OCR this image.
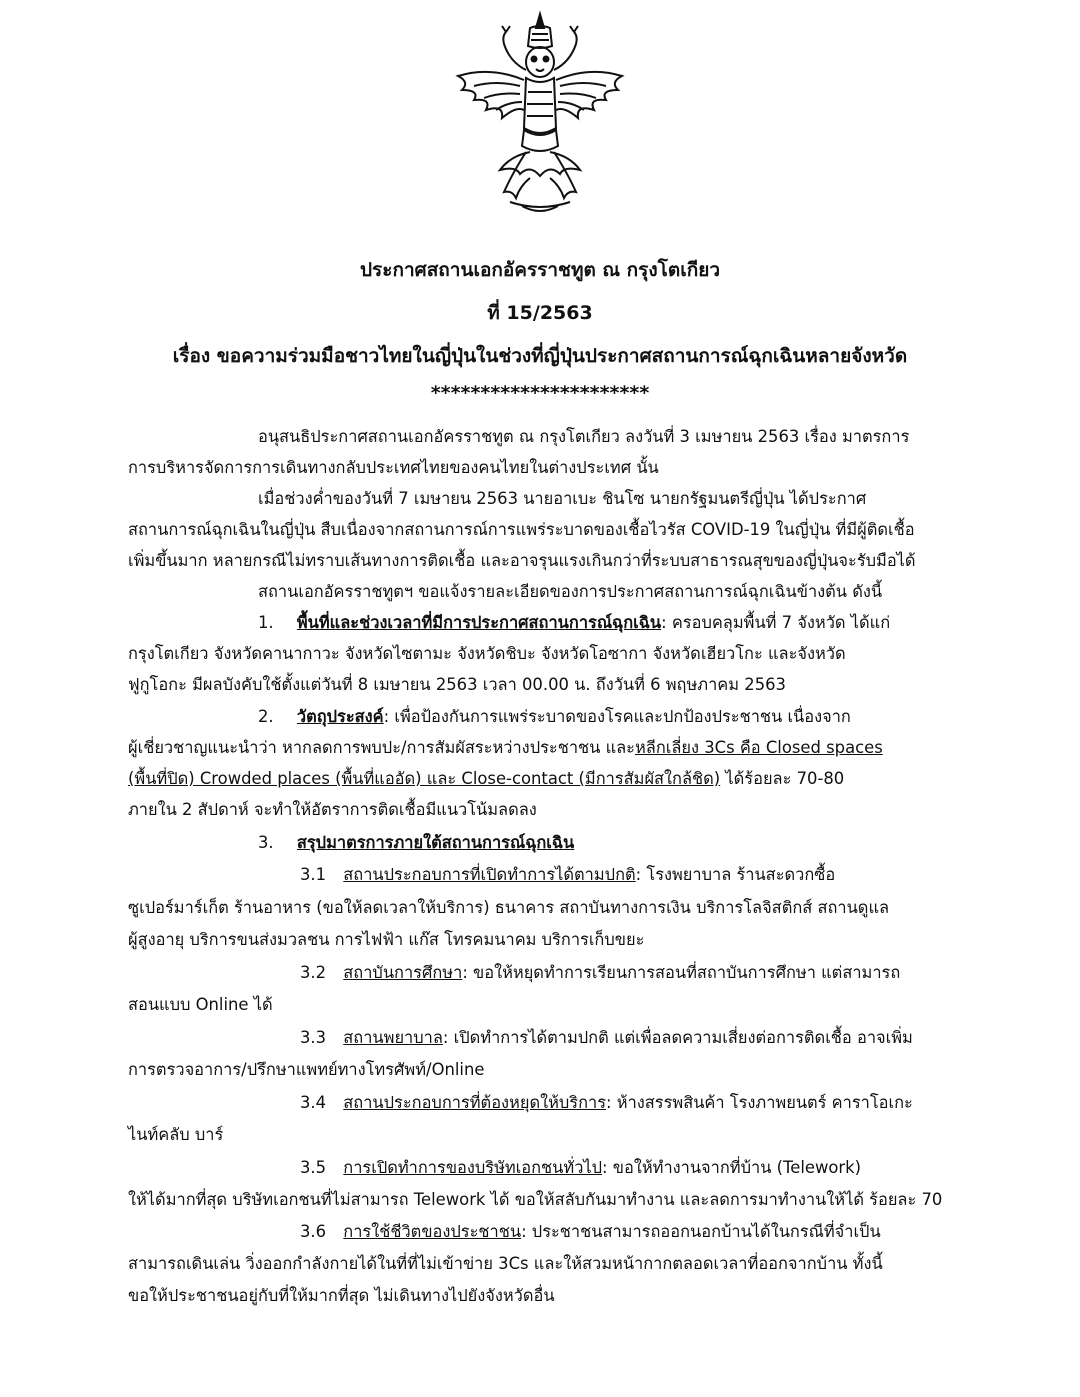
ประกาศสถานเอกอัครราชทูต ณ กรุงโตเกียว
ที่ 15/2563
เรื่อง ขอความร่วมมือชาวไทยในญี่ปุ่นในช่วงที่ญี่ปุ่นประกาศสถานการณ์ฉุกเฉินหลายจังหวัด
**********************
อนุสนธิประกาศสถานเอกอัครราชทูต ณ กรุงโตเกียว ลงวันที่ 3 เมษายน 2563 เรื่อง มาตรการ
การบริหารจัดการการเดินทางกลับประเทศไทยของคนไทยในต่างประเทศ นั้น
เมื่อช่วงค่ำของวันที่ 7 เมษายน 2563 นายอาเบะ ชินโซ นายกรัฐมนตรีญี่ปุ่น ได้ประกาศ
สถานการณ์ฉุกเฉินในญี่ปุ่น สืบเนื่องจากสถานการณ์การแพร่ระบาดของเชื้อไวรัส COVID-19 ในญี่ปุ่น ที่มีผู้ติดเชื้อ
เพิ่มขึ้นมาก หลายกรณีไม่ทราบเส้นทางการติดเชื้อ และอาจรุนแรงเกินกว่าที่ระบบสาธารณสุขของญี่ปุ่นจะรับมือได้
สถานเอกอัครราชทูตฯ ขอแจ้งรายละเอียดของการประกาศสถานการณ์ฉุกเฉินข้างต้น ดังนี้
1. พื้นที่และช่วงเวลาที่มีการประกาศสถานการณ์ฉุกเฉิน: ครอบคลุมพื้นที่ 7 จังหวัด ได้แก่
กรุงโตเกียว จังหวัดคานากาวะ จังหวัดไซตามะ จังหวัดชิบะ จังหวัดโอซากา จังหวัดเฮียวโกะ และจังหวัด
ฟูกูโอกะ มีผลบังคับใช้ตั้งแต่วันที่ 8 เมษายน 2563 เวลา 00.00 น. ถึงวันที่ 6 พฤษภาคม 2563
2. วัตถุประสงค์: เพื่อป้องกันการแพร่ระบาดของโรคและปกป้องประชาชน เนื่องจาก
ผู้เชี่ยวชาญแนะนำว่า หากลดการพบปะ/การสัมผัสระหว่างประชาชน และหลีกเลี่ยง 3Cs คือ Closed spaces
(พื้นที่ปิด) Crowded places (พื้นที่แออัด) และ Close-contact (มีการสัมผัสใกล้ชิด) ได้ร้อยละ 70-80
ภายใน 2 สัปดาห์ จะทำให้อัตราการติดเชื้อมีแนวโน้มลดลง
3. สรุปมาตรการภายใต้สถานการณ์ฉุกเฉิน
3.1 สถานประกอบการที่เปิดทำการได้ตามปกติ: โรงพยาบาล ร้านสะดวกซื้อ
ซูเปอร์มาร์เก็ต ร้านอาหาร (ขอให้ลดเวลาให้บริการ) ธนาคาร สถาบันทางการเงิน บริการโลจิสติกส์ สถานดูแล
ผู้สูงอายุ บริการขนส่งมวลชน การไฟฟ้า แก๊ส โทรคมนาคม บริการเก็บขยะ
3.2 สถาบันการศึกษา: ขอให้หยุดทำการเรียนการสอนที่สถาบันการศึกษา แต่สามารถ
สอนแบบ Online ได้
3.3 สถานพยาบาล: เปิดทำการได้ตามปกติ แต่เพื่อลดความเสี่ยงต่อการติดเชื้อ อาจเพิ่ม
การตรวจอาการ/ปรึกษาแพทย์ทางโทรศัพท์/Online
3.4 สถานประกอบการที่ต้องหยุดให้บริการ: ห้างสรรพสินค้า โรงภาพยนตร์ คาราโอเกะ
ไนท์คลับ บาร์
3.5 การเปิดทำการของบริษัทเอกชนทั่วไป: ขอให้ทำงานจากที่บ้าน (Telework)
ให้ได้มากที่สุด บริษัทเอกชนที่ไม่สามารถ Telework ได้ ขอให้สลับกันมาทำงาน และลดการมาทำงานให้ได้ ร้อยละ 70
3.6 การใช้ชีวิตของประชาชน: ประชาชนสามารถออกนอกบ้านได้ในกรณีที่จำเป็น
สามารถเดินเล่น วิ่งออกกำลังกายได้ในที่ที่ไม่เข้าข่าย 3Cs และให้สวมหน้ากากตลอดเวลาที่ออกจากบ้าน ทั้งนี้
ขอให้ประชาชนอยู่กับที่ให้มากที่สุด ไม่เดินทางไปยังจังหวัดอื่น
